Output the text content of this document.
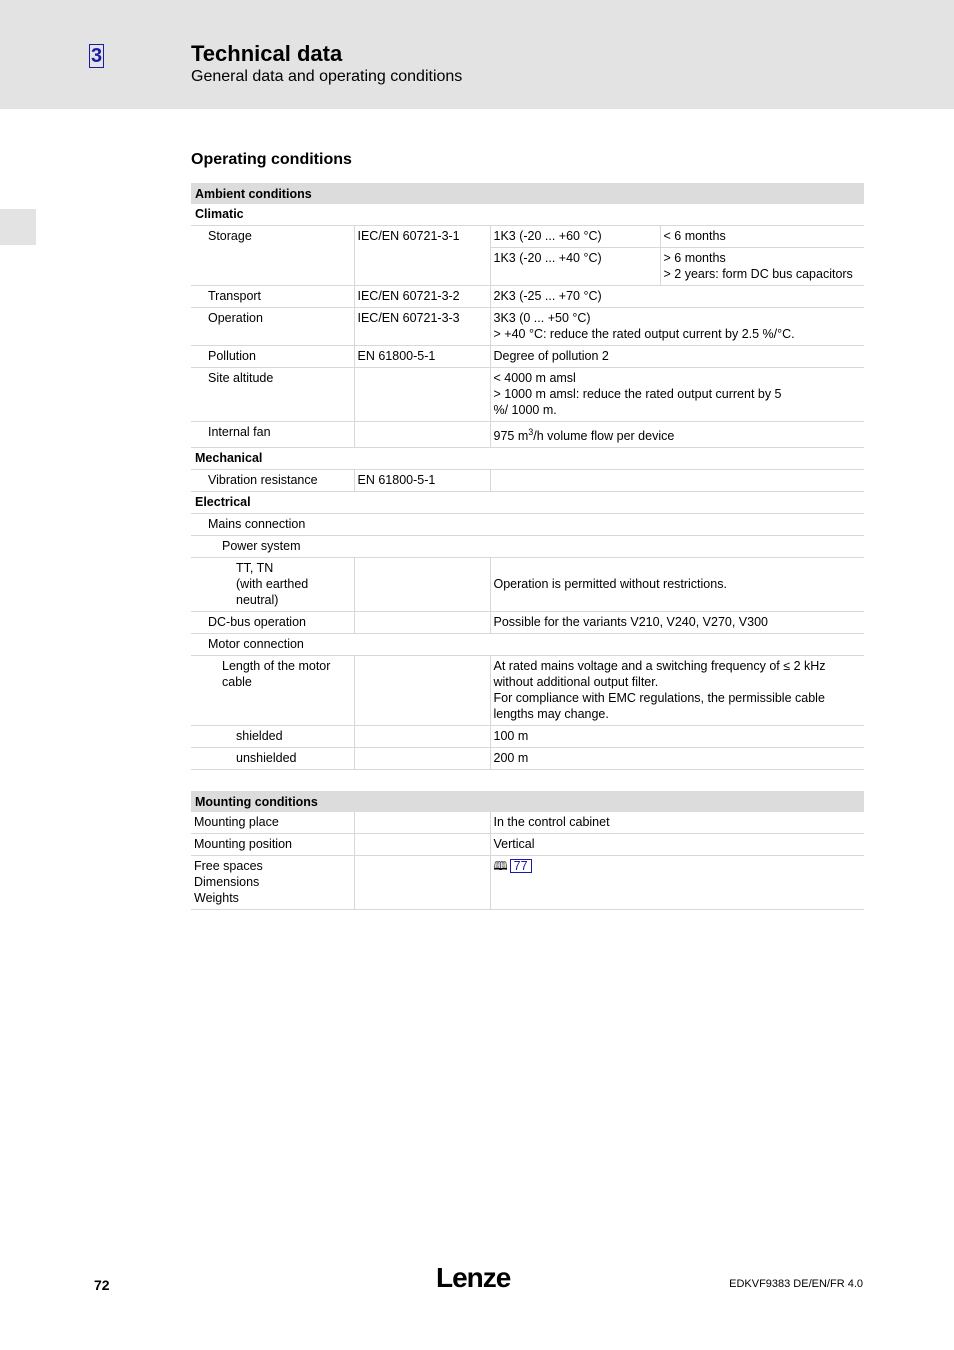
3	Technical data
General data and operating conditions
Operating conditions
Ambient conditions			
Climatic			
Storage	IEC/EN 60721-3-1	1K3 (-20 ... +60 °C)	< 6 months
		1K3 (-20 ... +40 °C)	> 6 months
> 2 years: form DC bus capacitors

Transport	IEC/EN 60721-3-2	2K3 (-25 ... +70 °C)	
Operation	IEC/EN 60721-3-3	3K3 (0 ... +50 °C)
> +40 °C: reduce the rated output current by 2.5 %/°C.	

Pollution	EN 61800-5-1	Degree of pollution 2	
Site altitude		< 4000 m amsl
> 1000 m amsl: reduce the rated output current by 5 %/ 1000 m.	

Internal fan		975 $m^3/h$ volume flow per device	
Mechanical			
Vibration resistance	EN 61800-5-1		
Electrical			
Mains connection			
Power system			

TT, TN
(with earthed
neutral)		Operation is permitted without restrictions.	
DC-bus operation		Possible for the variants V210, V240, V270, V300	
Motor connection			
Length of the motor cable		At rated mains voltage and a switching frequency of ≤ 2 kHz without additional output filter.
For compliance with EMC regulations, the permissible cable lengths may change.	

shielded		100 m	
unshielded		200 m	
Mounting conditions		
Mounting place		In the control cabinet
Mounting position		Vertical

Free spaces
Dimensions
Weights		🕮 77
72	Lenze	EDKVF9383 DE/EN/FR 4.0
